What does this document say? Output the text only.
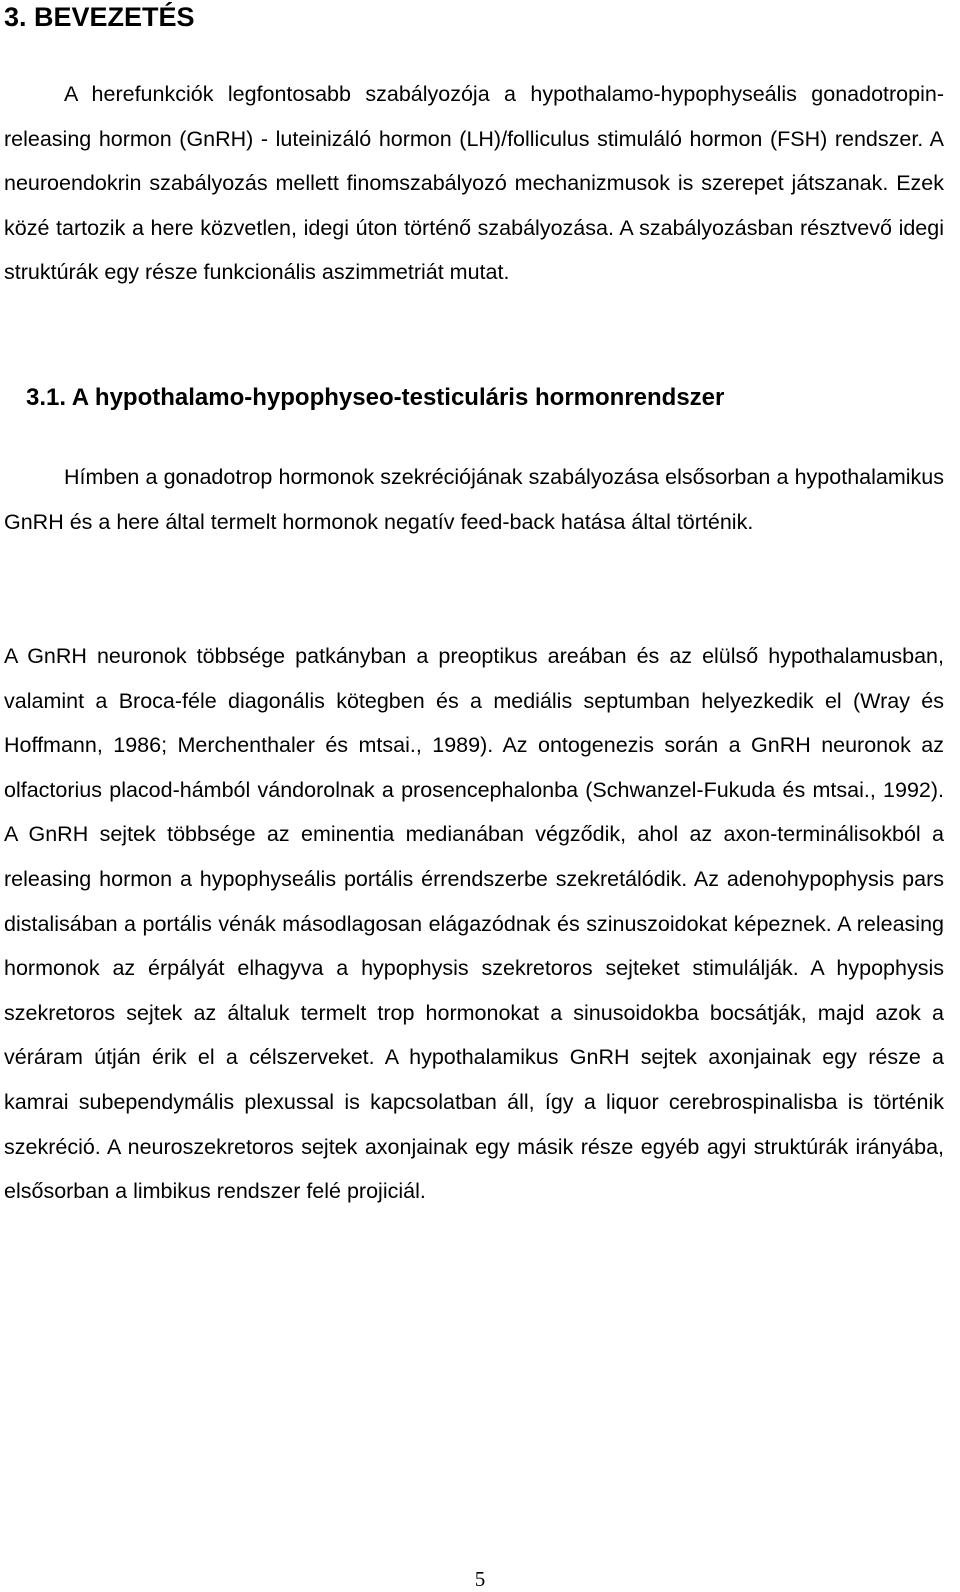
3. BEVEZETÉS

A herefunkciók legfontosabb szabályozója a hypothalamo-hypophyseális gonadotropin-releasing hormon (GnRH) - luteinizáló hormon (LH)/folliculus stimuláló hormon (FSH) rendszer. A neuroendokrin szabályozás mellett finomszabályozó mechanizmusok is szerepet játszanak. Ezek közé tartozik a here közvetlen, idegi úton történő szabályozása. A szabályozásban résztvevő idegi struktúrák egy része funkcionális aszimmetriát mutat.

3.1. A hypothalamo-hypophyseo-testiculáris hormonrendszer

Hímben a gonadotrop hormonok szekréciójának szabályozása elsősorban a hypothalamikus GnRH és a here által termelt hormonok negatív feed-back hatása által történik.

A GnRH neuronok többsége patkányban a preoptikus areában és az elülső hypothalamusban, valamint a Broca-féle diagonális kötegben és a mediális septumban helyezkedik el (Wray és Hoffmann, 1986; Merchenthaler és mtsai., 1989). Az ontogenezis során a GnRH neuronok az olfactorius placod-hámból vándorolnak a prosencephalonba (Schwanzel-Fukuda és mtsai., 1992). A GnRH sejtek többsége az eminentia medianában végződik, ahol az axon-terminálisokból a releasing hormon a hypophyseális portális érrendszerbe szekretálódik. Az adenohypophysis pars distalisában a portális vénák másodlagosan elágazódnak és szinuszoidokat képeznek. A releasing hormonok az érpályát elhagyva a hypophysis szekretoros sejteket stimulálják. A hypophysis szekretoros sejtek az általuk termelt trop hormonokat a sinusoidokba bocsátják, majd azok a véráram útján érik el a célszerveket. A hypothalamikus GnRH sejtek axonjainak egy része a kamrai subependymális plexussal is kapcsolatban áll, így a liquor cerebrospinalisba is történik szekréció. A neuroszekretoros sejtek axonjainak egy másik része egyéb agyi struktúrák irányába, elsősorban a limbikus rendszer felé projiciál.

5
